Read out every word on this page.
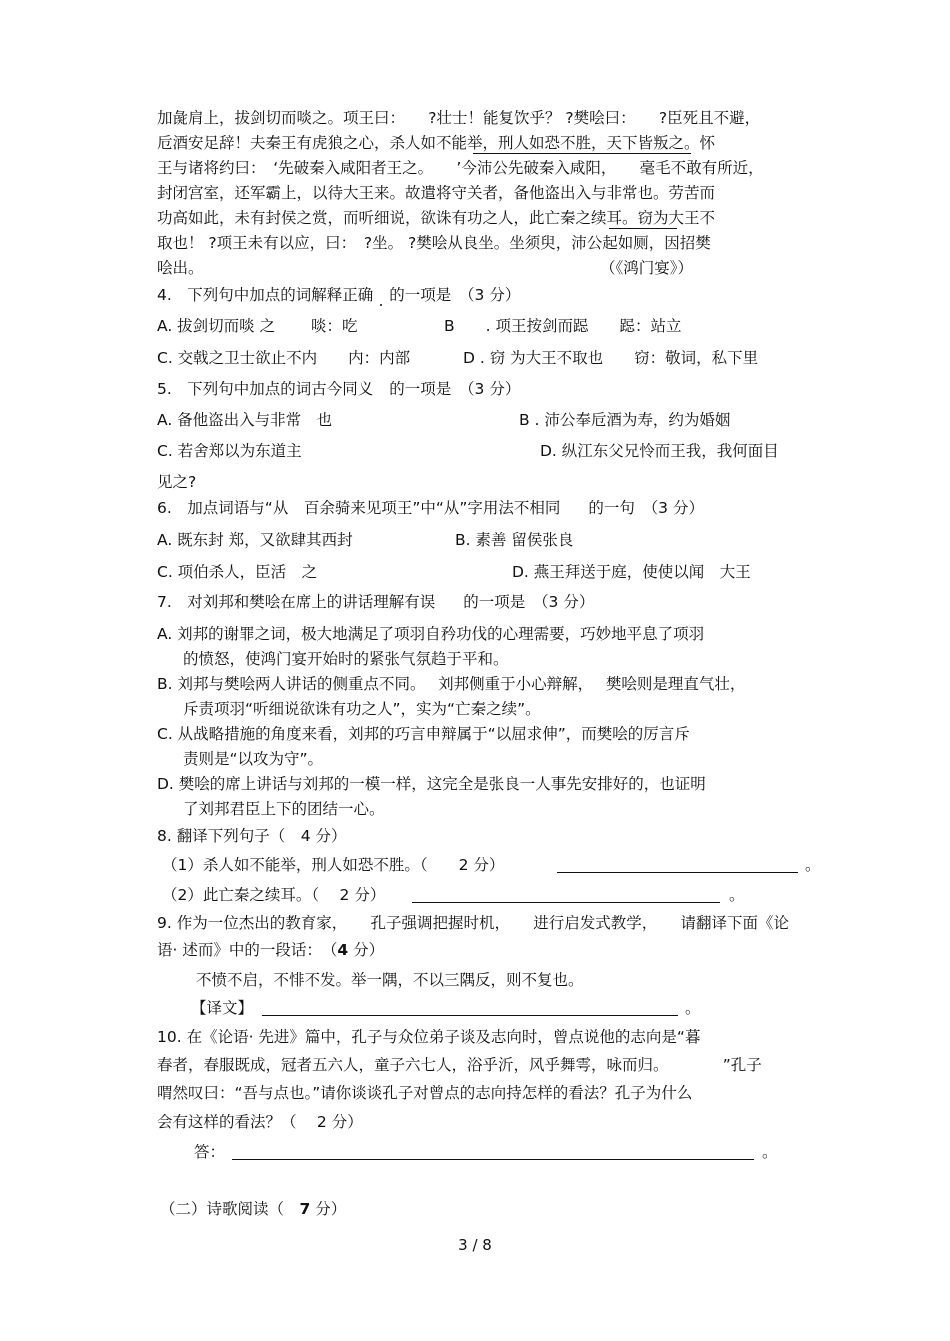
加彘肩上，拔剑切而啖之。项王曰：　　?壮士！能复饮乎？ ?樊哙曰：　　?臣死且不避，
卮酒安足辞！夫秦王有虎狼之心，杀人如不能举，刑人如恐不胜，天下皆叛之。怀
王与诸将约曰：　‘先破秦入咸阳者王之。　　’今沛公先破秦入咸阳，　　毫毛不敢有所近，
封闭宫室，还军霸上，以待大王来。故遣将守关者，备他盗出入与非常也。劳苦而
功高如此，未有封侯之赏，而听细说，欲诛有功之人，此亡秦之续耳。窃为大王不
取也！ ?项王未有以应，曰：　?坐。 ?樊哙从良坐。坐须臾，沛公起如厕，因招樊
哙出。	（《鸿门宴》）
4.　下列句中加点的词解释正确 的一项是　（3 分）
A. 拔剑切而啖 之　　 啖：吃	B　　. 项王按剑而跽　　跽：站立
C. 交戟之卫士欲止不内　　内：内部	D . 窃 为大王不取也　　窃：敬词，私下里
5.　下列句中加点的词古今同义 的一项是　（3 分）
A. 备他盗出入与非常　也	B . 沛公奉卮酒为寿，约为婚姻
C. 若舍郑以为东道主	D. 纵江东父兄怜而王我，我何面目
见之?
6.　加点词语与“从　百余骑来见项王”中“从”字用法不相同 的一句　（3 分）
A. 既东封 郑，又欲肆其西封	B. 素善 留侯张良
C. 项伯杀人，臣活　之	D. 燕王拜送于庭，使使以闻　大王
7.　对刘邦和樊哙在席上的讲话理解有误 的一项是　（3 分）
A. 刘邦的谢罪之词，极大地满足了项羽自矜功伐的心理需要，巧妙地平息了项羽
的愤怒，使鸿门宴开始时的紧张气氛趋于平和。
B. 刘邦与樊哙两人讲话的侧重点不同。　 刘邦侧重于小心辩解，　 樊哙则是理直气壮，
斥责项羽“听细说欲诛有功之人”，实为“亡秦之续”。
C. 从战略措施的角度来看，刘邦的巧言申辩属于“以屈求伸”，而樊哙的厉言斥
责则是“以攻为守”。
D. 樊哙的席上讲话与刘邦的一模一样，这完全是张良一人事先安排好的，也证明
了刘邦君臣上下的团结一心。
8. 翻译下列句子（　4 分）
（1）杀人如不能举，刑人如恐不胜。（　　2 分）	。
（2）此亡秦之续耳。（　 2 分）	。
9. 作为一位杰出的教育家，　　孔子强调把握时机，　　进行启发式教学，　　请翻译下面《论
语· 述而》中的一段话：　（4 分）
不愤不启，不悱不发。举一隅，不以三隅反，则不复也。
【译文】	。
10. 在《论语· 先进》篇中，孔子与众位弟子谈及志向时，曾点说他的志向是“暮
春者，春服既成，冠者五六人，童子六七人，浴乎沂，风乎舞雩，咏而归。　　　　”孔子
喟然叹曰：“吾与点也。”请你谈谈孔子对曾点的志向持怎样的看法？孔子为什么
会有这样的看法？（　 2 分）
答：	。
（二）诗歌阅读（　7 分）
3 / 8
